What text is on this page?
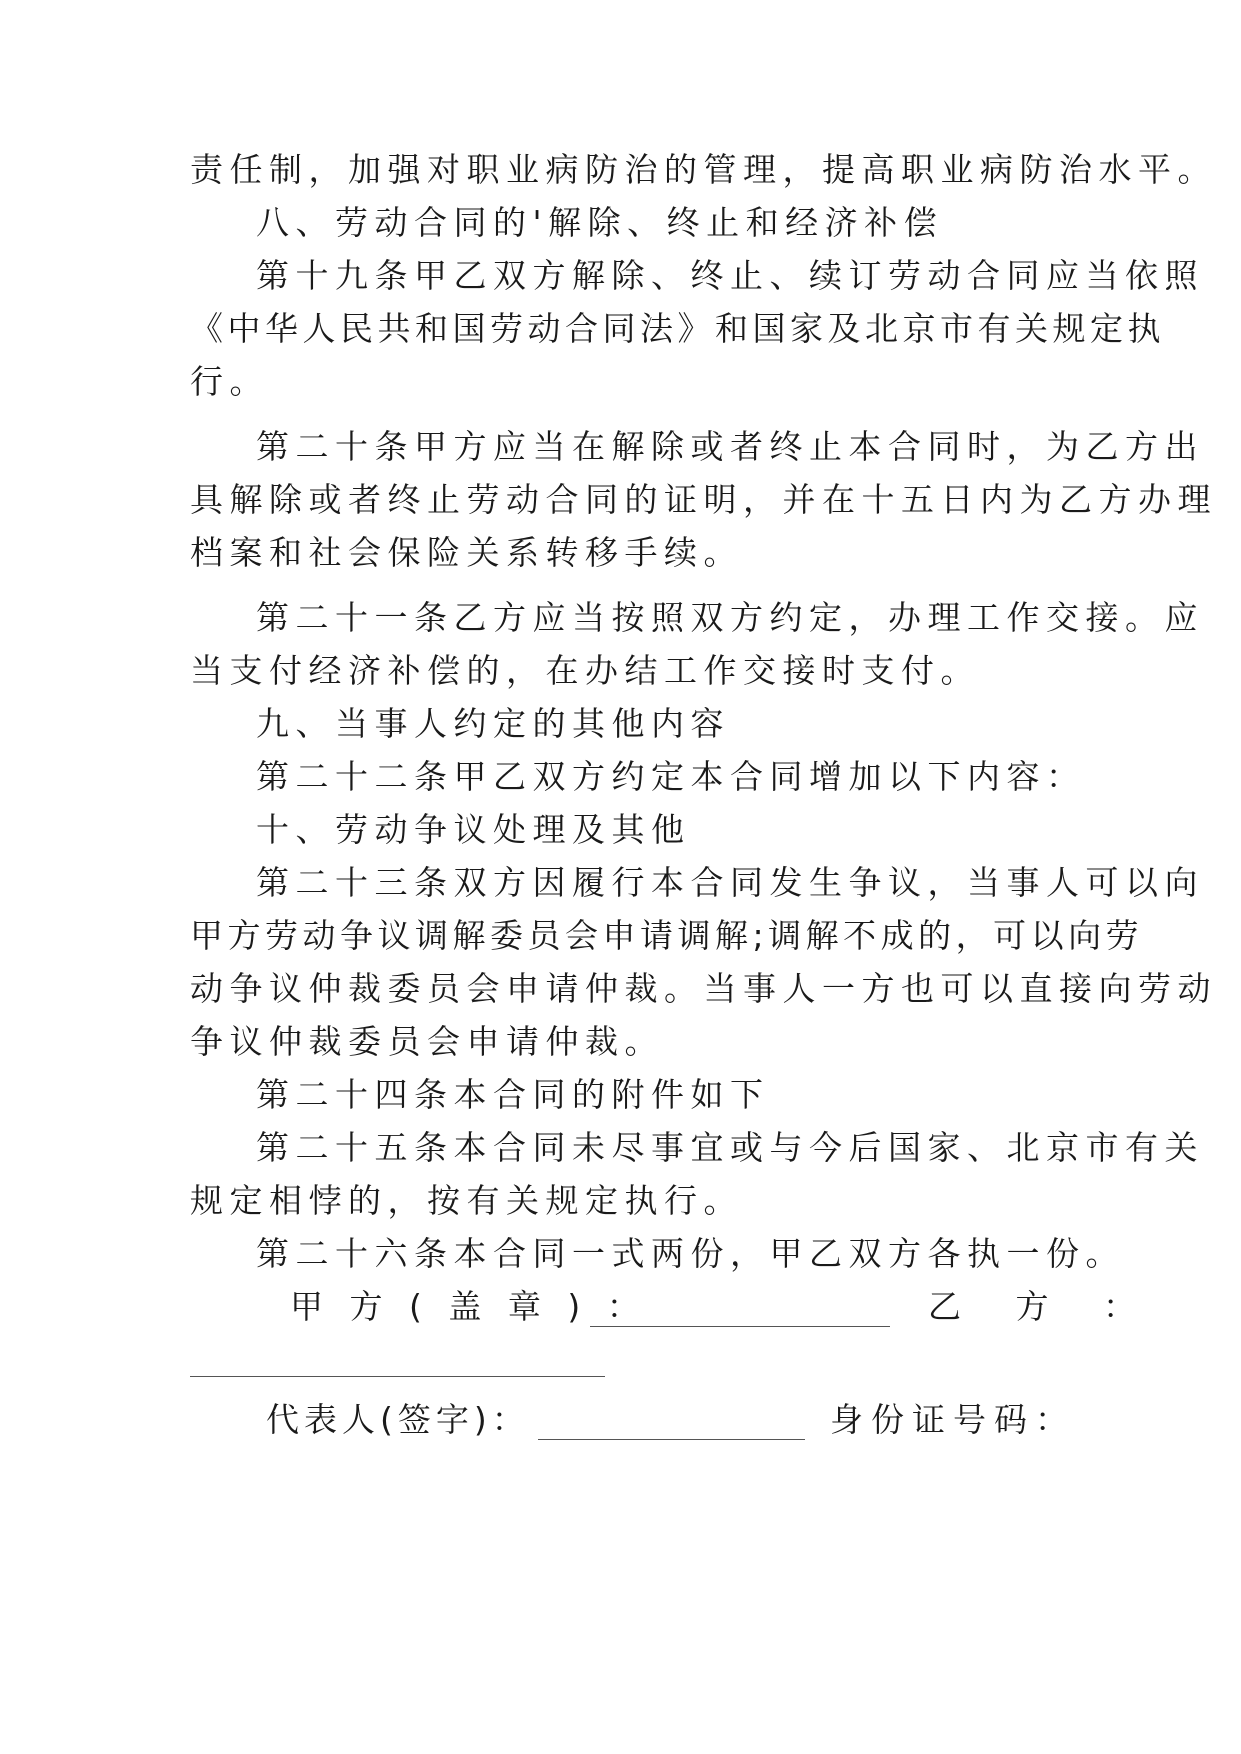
责任制，加强对职业病防治的管理，提高职业病防治水平。
八、劳动合同的'解除、终止和经济补偿
第十九条甲乙双方解除、终止、续订劳动合同应当依照
《中华人民共和国劳动合同法》和国家及北京市有关规定执
行。
第二十条甲方应当在解除或者终止本合同时，为乙方出
具解除或者终止劳动合同的证明，并在十五日内为乙方办理
档案和社会保险关系转移手续。
第二十一条乙方应当按照双方约定，办理工作交接。应
当支付经济补偿的，在办结工作交接时支付。
九、当事人约定的其他内容
第二十二条甲乙双方约定本合同增加以下内容：
十、劳动争议处理及其他
第二十三条双方因履行本合同发生争议，当事人可以向
甲方劳动争议调解委员会申请调解;调解不成的，可以向劳
动争议仲裁委员会申请仲裁。当事人一方也可以直接向劳动
争议仲裁委员会申请仲裁。
第二十四条本合同的附件如下
第二十五条本合同未尽事宜或与今后国家、北京市有关
规定相悖的，按有关规定执行。
第二十六条本合同一式两份，甲乙双方各执一份。
甲 方 ( 盖 章 ) ：	乙 方 ：
代表人(签字)：	身份证号码：
